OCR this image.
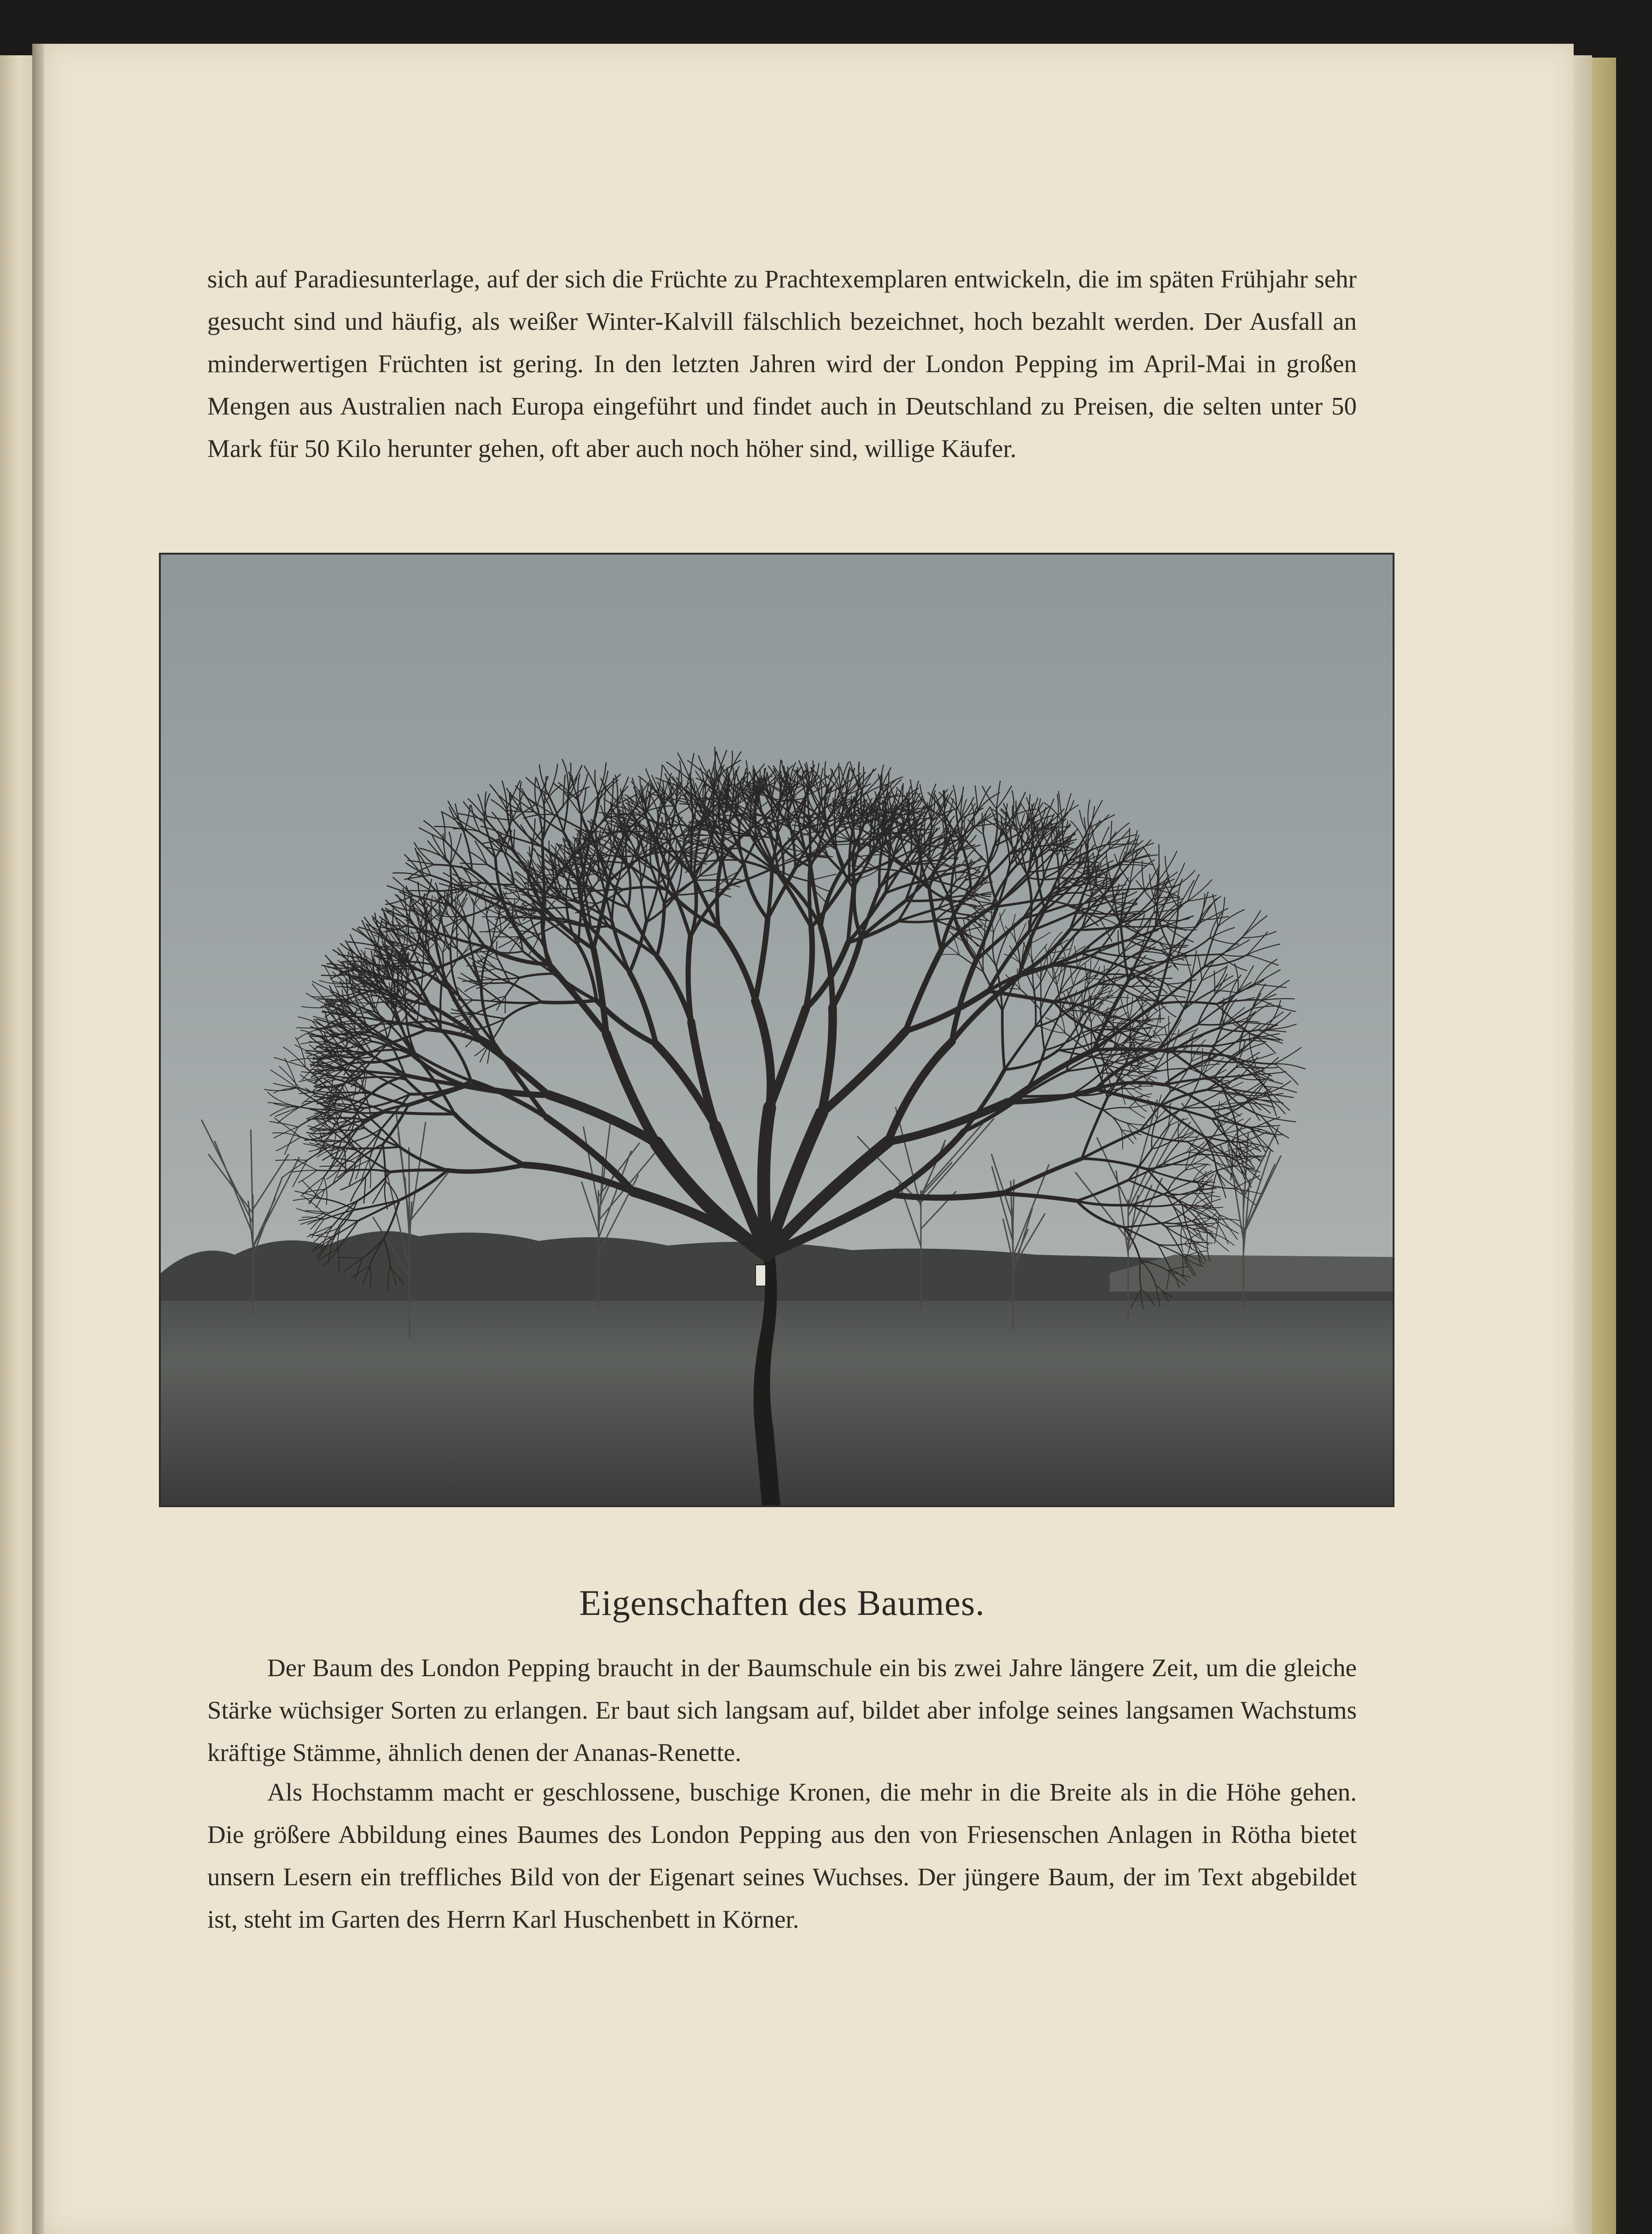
sich auf Paradiesunterlage, auf der sich die Früchte zu Prachtexemplaren entwickeln, die im späten Frühjahr sehr gesucht sind und häufig, als weißer Winter-Kalvill fälschlich bezeichnet, hoch bezahlt werden. Der Ausfall an minderwertigen Früchten ist gering. In den letzten Jahren wird der London Pepping im April-Mai in großen Mengen aus Australien nach Europa eingeführt und findet auch in Deutschland zu Preisen, die selten unter 50 Mark für 50 Kilo herunter gehen, oft aber auch noch höher sind, willige Käufer.

Eigenschaften des Baumes.

Der Baum des London Pepping braucht in der Baumschule ein bis zwei Jahre längere Zeit, um die gleiche Stärke wüchsiger Sorten zu erlangen. Er baut sich langsam auf, bildet aber infolge seines langsamen Wachstums kräftige Stämme, ähnlich denen der Ananas-Renette.

Als Hochstamm macht er geschlossene, buschige Kronen, die mehr in die Breite als in die Höhe gehen. Die größere Abbildung eines Baumes des London Pepping aus den von Friesenschen Anlagen in Rötha bietet unsern Lesern ein treffliches Bild von der Eigenart seines Wuchses. Der jüngere Baum, der im Text abgebildet ist, steht im Garten des Herrn Karl Huschenbett in Körner.
